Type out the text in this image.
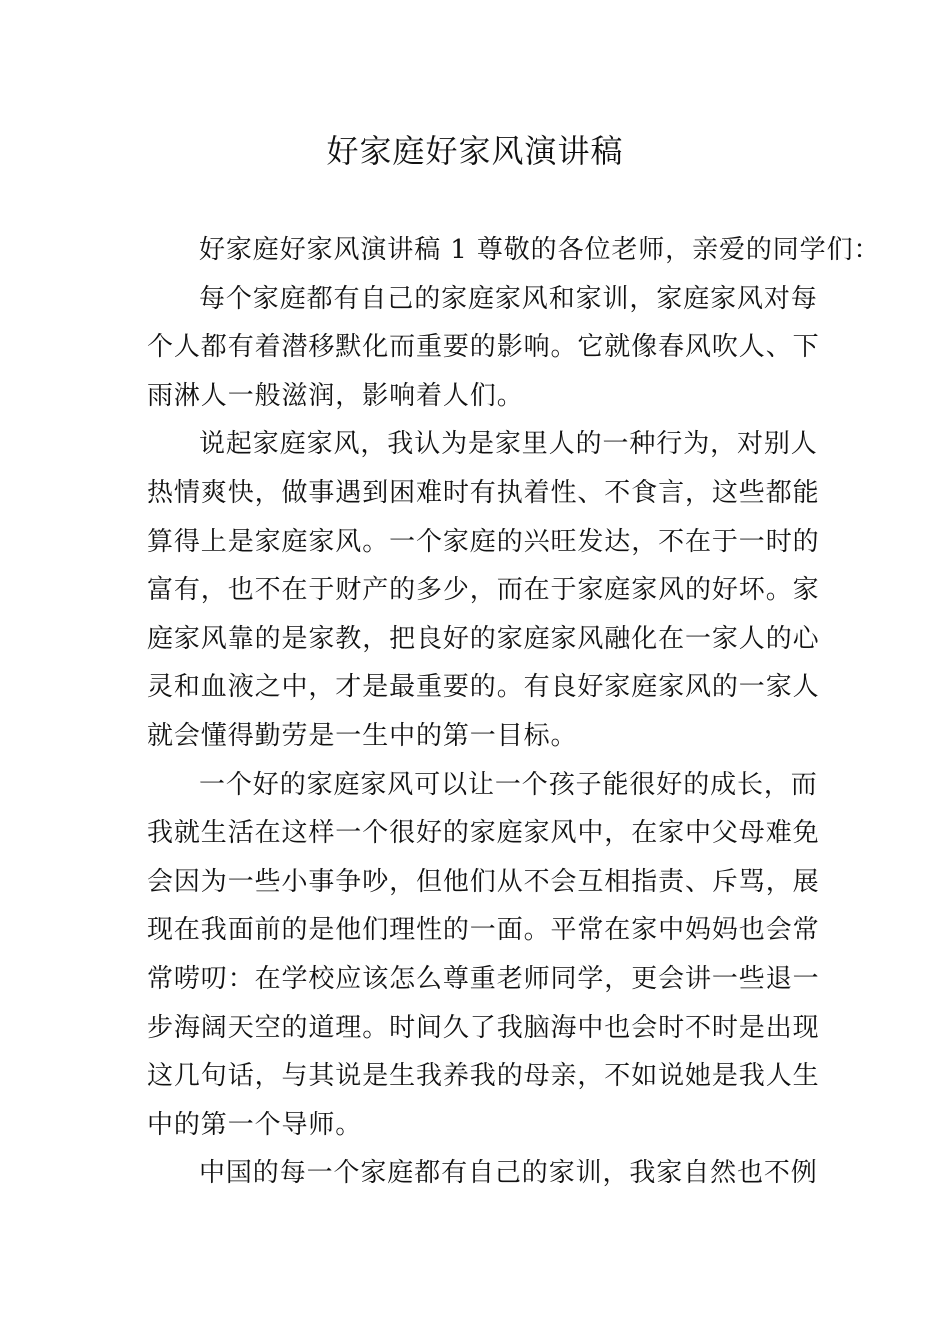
好家庭好家风演讲稿
好家庭好家风演讲稿 1 尊敬的各位老师，亲爱的同学们：
每个家庭都有自己的家庭家风和家训，家庭家风对每
个人都有着潜移默化而重要的影响。它就像春风吹人、下
雨淋人一般滋润，影响着人们。
说起家庭家风，我认为是家里人的一种行为，对别人
热情爽快，做事遇到困难时有执着性、不食言，这些都能
算得上是家庭家风。一个家庭的兴旺发达，不在于一时的
富有，也不在于财产的多少，而在于家庭家风的好坏。家
庭家风靠的是家教，把良好的家庭家风融化在一家人的心
灵和血液之中，才是最重要的。有良好家庭家风的一家人
就会懂得勤劳是一生中的第一目标。
一个好的家庭家风可以让一个孩子能很好的成长，而
我就生活在这样一个很好的家庭家风中，在家中父母难免
会因为一些小事争吵，但他们从不会互相指责、斥骂，展
现在我面前的是他们理性的一面。平常在家中妈妈也会常
常唠叨：在学校应该怎么尊重老师同学，更会讲一些退一
步海阔天空的道理。时间久了我脑海中也会时不时是出现
这几句话，与其说是生我养我的母亲，不如说她是我人生
中的第一个导师。
中国的每一个家庭都有自己的家训，我家自然也不例
